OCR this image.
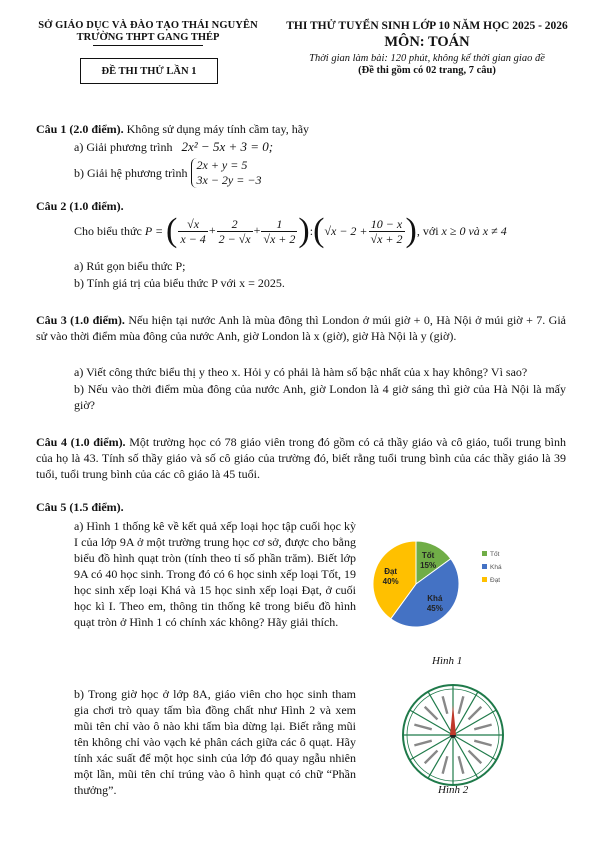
SỞ GIÁO DỤC VÀ ĐÀO TẠO THÁI NGUYÊN
TRƯỜNG THPT GANG THÉP
ĐỀ THI THỬ LẦN 1
THI THỬ TUYỂN SINH LỚP 10 NĂM HỌC 2025 - 2026
MÔN: TOÁN
Thời gian làm bài: 120 phút, không kể thời gian giao đề
(Đề thi gồm có 02 trang, 7 câu)
Câu 1 (2.0 điểm). Không sử dụng máy tính cầm tay, hãy
a) Giải phương trình 2x² − 5x + 3 = 0;
b) Giải hệ phương trình
2x + y = 5
3x − 2y = −3
Câu 2 (1.0 điểm).
Cho biểu thức P = ( $\frac{√x}{x - 4} + \frac{2}{2 - √x} + \frac{1}{√x + 2}$ ):(√x − $2 + \frac{10 - x}{√x + 2}$ ), với x ≥ 0 và x ≠ 4
a) Rút gọn biểu thức P;
b) Tính giá trị của biểu thức P với x = 2025.
Câu 3 (1.0 điểm). Nếu hiện tại nước Anh là mùa đông thì London ở múi giờ + 0, Hà Nội ở múi giờ + 7. Giả sử vào thời điểm mùa đông của nước Anh, giờ London là x (giờ), giờ Hà Nội là y (giờ).
a) Viết công thức biểu thị y theo x. Hỏi y có phải là hàm số bậc nhất của x hay không? Vì sao?
b) Nếu vào thời điểm mùa đông của nước Anh, giờ London là 4 giờ sáng thì giờ của Hà Nội là mấy giờ?
Câu 4 (1.0 điểm). Một trường học có 78 giáo viên trong đó gồm có cả thầy giáo và cô giáo, tuổi trung bình của họ là 43. Tính số thầy giáo và số cô giáo của trường đó, biết rằng tuổi trung bình của các thầy giáo là 39 tuổi, tuổi trung bình của các cô giáo là 45 tuổi.
Câu 5 (1.5 điểm).
a) Hình 1 thống kê về kết quả xếp loại học tập cuối học kỳ I của lớp 9A ở một trường trung học cơ sở, được cho bằng biểu đồ hình quạt tròn (tính theo tỉ số phần trăm). Biết lớp 9A có 40 học sinh. Trong đó có 6 học sinh xếp loại Tốt, 19 học sinh xếp loại Khá và 15 học sinh xếp loại Đạt, ở cuối học kì I. Theo em, thông tin thống kê trong biểu đồ hình quạt tròn ở Hình 1 có chính xác không? Hãy giải thích.
b) Trong giờ học ở lớp 8A, giáo viên cho học sinh tham gia chơi trò quay tấm bìa đồng chất như Hình 2 và xem mũi tên chỉ vào ô nào khi tấm bìa dừng lại. Biết rằng mũi tên không chỉ vào vạch kẻ phân cách giữa các ô quạt. Hãy tính xác suất để một học sinh của lớp đó quay ngẫu nhiên một lần, mũi tên chỉ trúng vào ô hình quạt có chữ “Phần thưởng”.
Tốt
15%
Khá
45%
Đạt
40%
Tốt
Khá
Đạt
Hình 1
Hình 2
